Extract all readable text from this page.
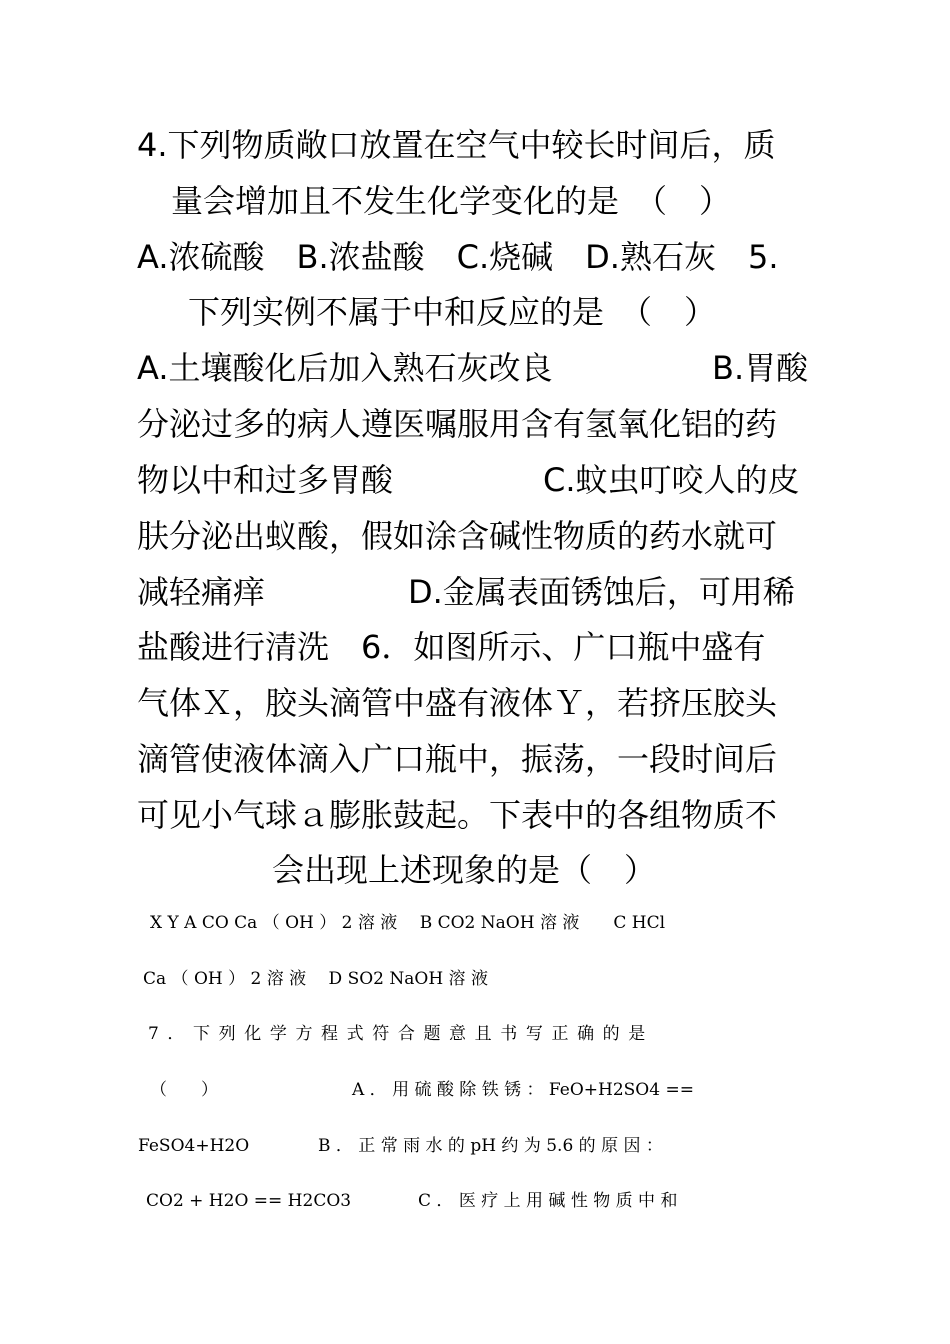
4.下列物质敞口放置在空气中较长时间后，质
量会增加且不发生化学变化的是　（　）
A.浓硫酸　B.浓盐酸　C.烧碱　D.熟石灰　5.
下列实例不属于中和反应的是　（　）
A.土壤酸化后加入熟石灰改良	B.胃酸
分泌过多的病人遵医嘱服用含有氢氧化铝的药
物以中和过多胃酸	C.蚊虫叮咬人的皮
肤分泌出蚁酸，假如涂含碱性物质的药水就可
减轻痛痒	D.金属表面锈蚀后，可用稀
盐酸进行清洗　6．如图所示、广口瓶中盛有
气体Ｘ，胶头滴管中盛有液体Ｙ，若挤压胶头
滴管使液体滴入广口瓶中，振荡，一段时间后
可见小气球ａ膨胀鼓起。下表中的各组物质不
会出现上述现象的是（　）
X Y A CO Ca （ OH ） 2 溶 液　 B CO2 NaOH 溶 液　　C HCl
Ca （ OH ） 2 溶 液　 D SO2 NaOH 溶 液
7 ． 下 列 化 学 方 程 式 符 合 题 意 且 书 写 正 确 的 是
（　　）	A ． 用 硫 酸 除 铁 锈 ： FeO+H2SO4 ==
FeSO4+H2O	B ． 正 常 雨 水 的 pH 约 为 5.6 的 原 因 ：
CO2 + H2O == H2CO3	C ． 医 疗 上 用 碱 性 物 质 中 和
